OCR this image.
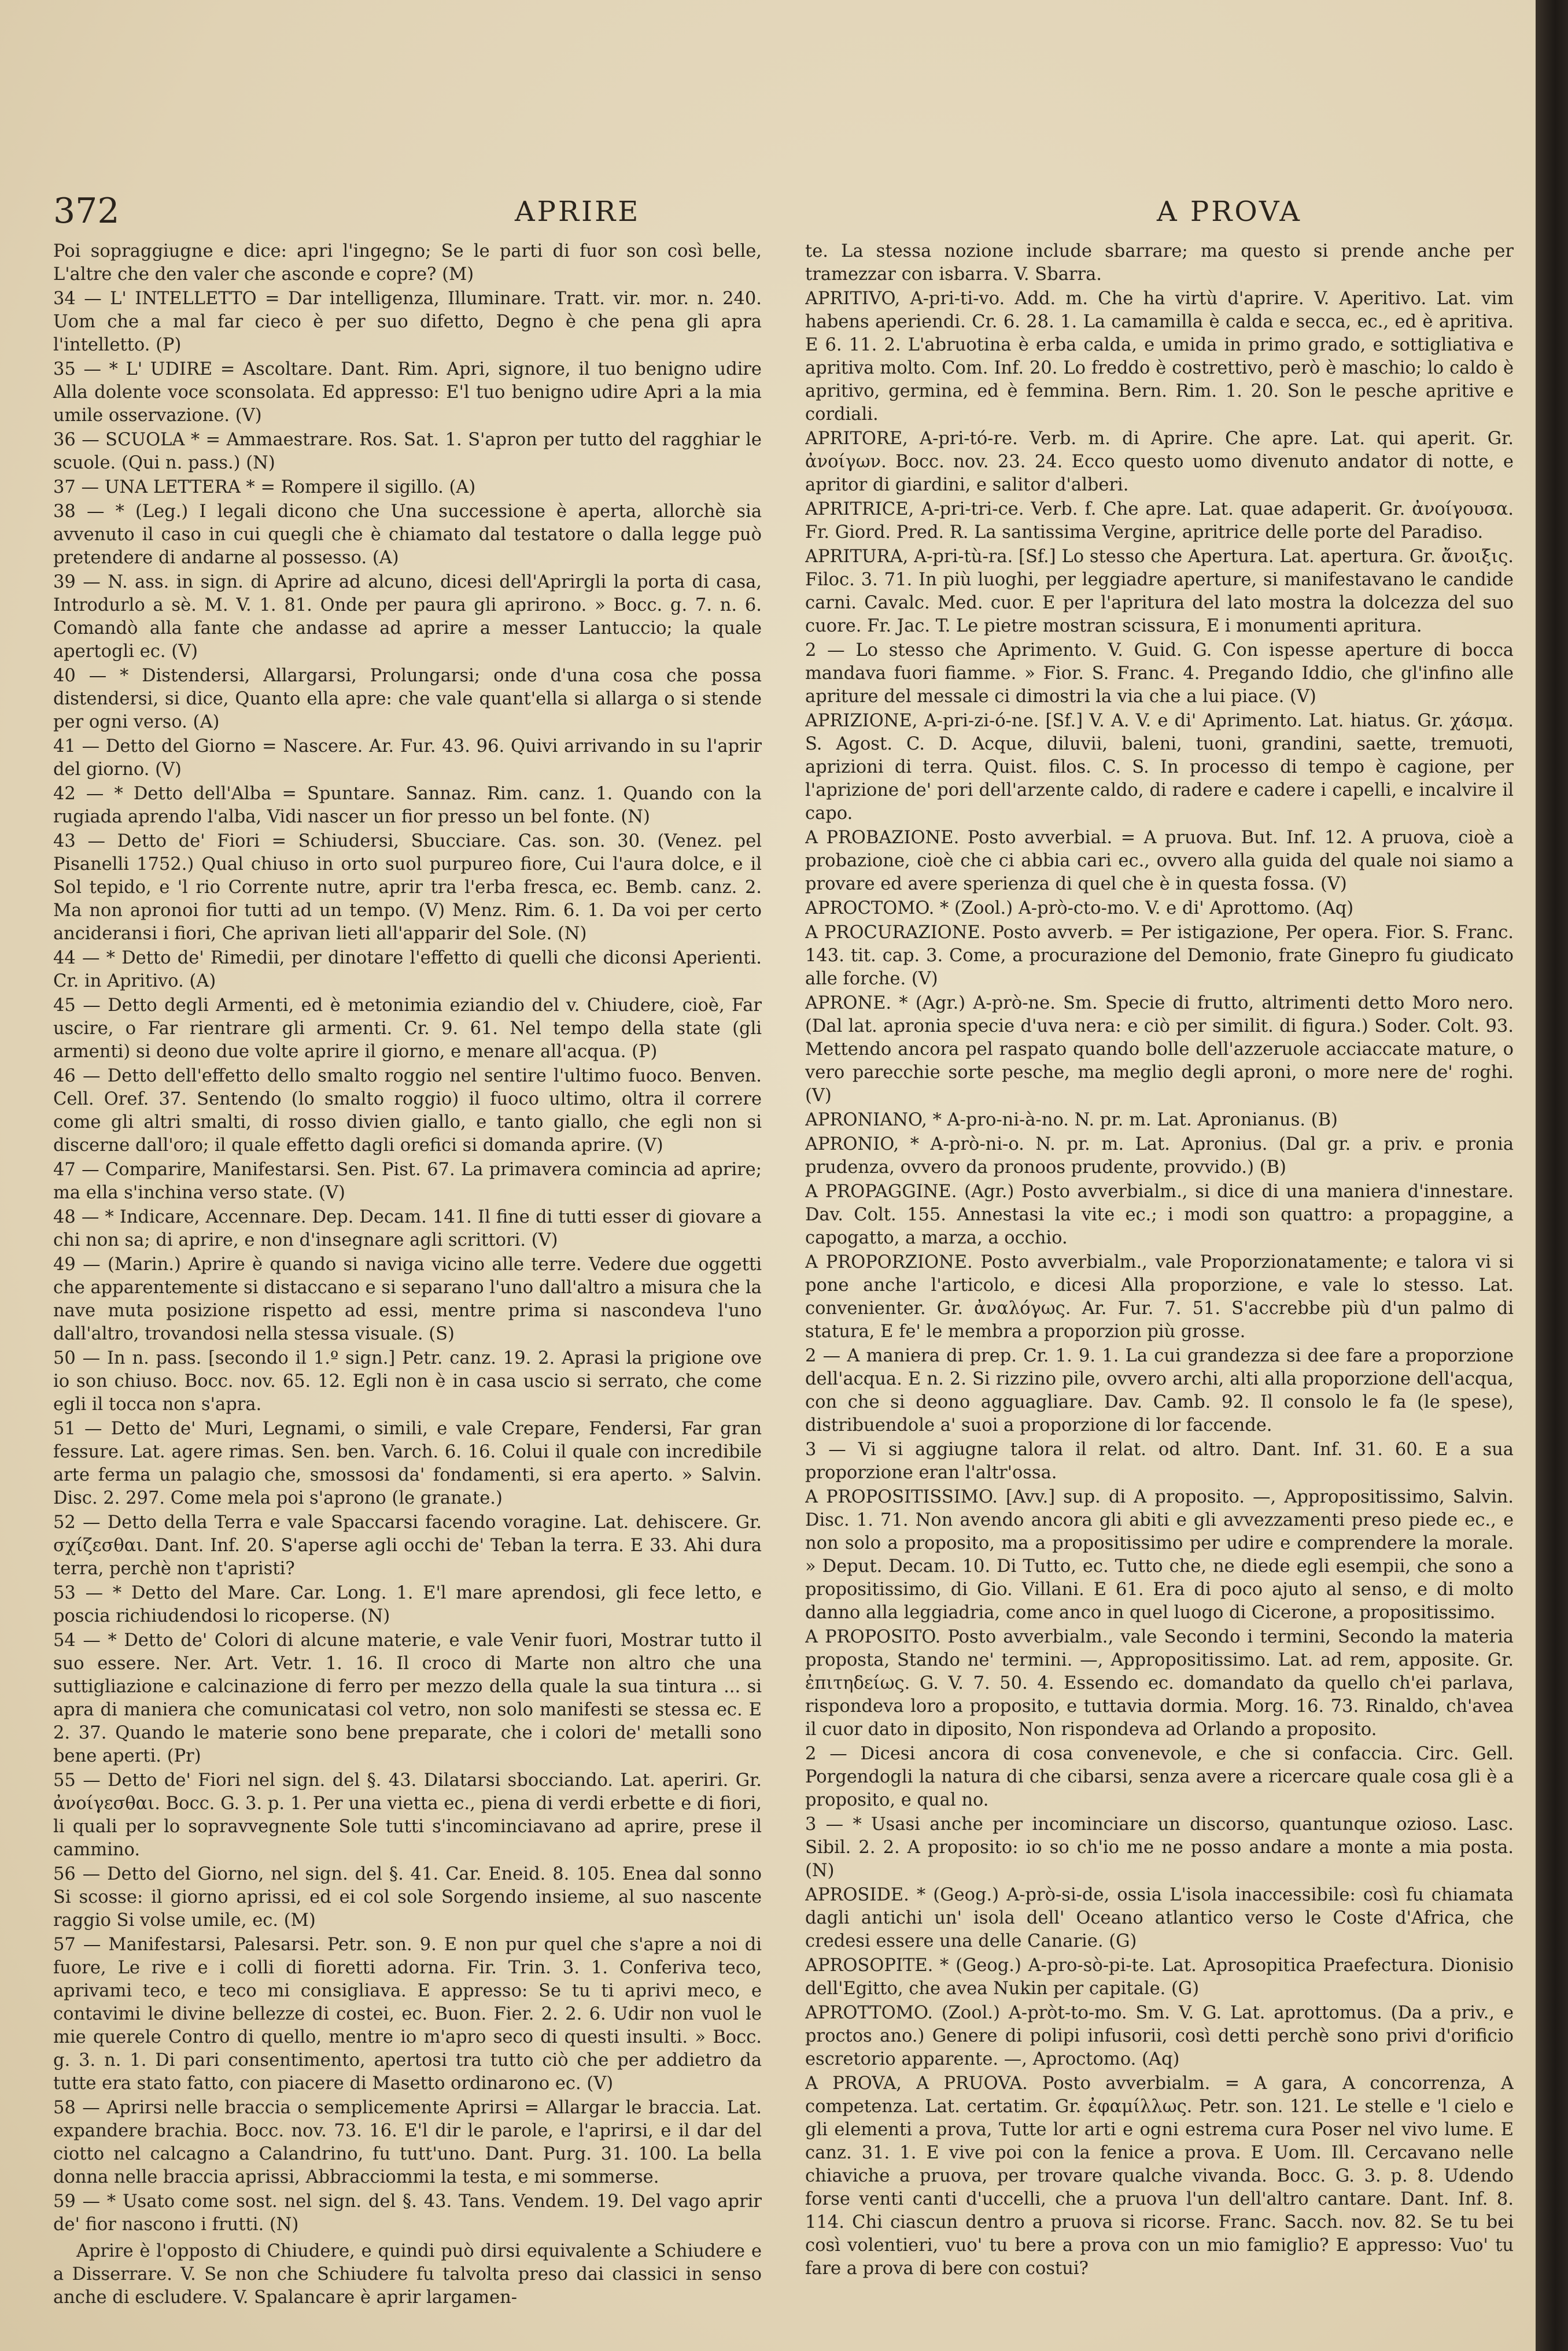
372	APRIRE	A PROVA

Poi sopraggiugne e dice: apri l'ingegno; Se le parti di fuor son così belle, L'altre che den valer che asconde e copre? (M)

34 — L' INTELLETTO = Dar intelligenza, Illuminare. Tratt. vir. mor. n. 240. Uom che a mal far cieco è per suo difetto, Degno è che pena gli apra l'intelletto. (P)

35 — * L' UDIRE = Ascoltare. Dant. Rim. Apri, signore, il tuo benigno udire Alla dolente voce sconsolata. Ed appresso: E'l tuo benigno udire Apri a la mia umile osservazione. (V)

36 — SCUOLA * = Ammaestrare. Ros. Sat. 1. S'apron per tutto del ragghiar le scuole. (Qui n. pass.) (N)

37 — UNA LETTERA * = Rompere il sigillo. (A)

38 — * (Leg.) I legali dicono che Una successione è aperta, allorchè sia avvenuto il caso in cui quegli che è chiamato dal testatore o dalla legge può pretendere di andarne al possesso. (A)

39 — N. ass. in sign. di Aprire ad alcuno, dicesi dell'Aprirgli la porta di casa, Introdurlo a sè. M. V. 1. 81. Onde per paura gli aprirono. » Bocc. g. 7. n. 6. Comandò alla fante che andasse ad aprire a messer Lantuccio; la quale apertogli ec. (V)

40 — * Distendersi, Allargarsi, Prolungarsi; onde d'una cosa che possa distendersi, si dice, Quanto ella apre: che vale quant'ella si allarga o si stende per ogni verso. (A)

41 — Detto del Giorno = Nascere. Ar. Fur. 43. 96. Quivi arrivando in su l'aprir del giorno. (V)

42 — * Detto dell'Alba = Spuntare. Sannaz. Rim. canz. 1. Quando con la rugiada aprendo l'alba, Vidi nascer un fior presso un bel fonte. (N)

43 — Detto de' Fiori = Schiudersi, Sbucciare. Cas. son. 30. (Venez. pel Pisanelli 1752.) Qual chiuso in orto suol purpureo fiore, Cui l'aura dolce, e il Sol tepido, e 'l rio Corrente nutre, aprir tra l'erba fresca, ec. Bemb. canz. 2. Ma non apronoi fior tutti ad un tempo. (V) Menz. Rim. 6. 1. Da voi per certo ancideransi i fiori, Che aprivan lieti all'apparir del Sole. (N)

44 — * Detto de' Rimedii, per dinotare l'effetto di quelli che diconsi Aperienti. Cr. in Apritivo. (A)

45 — Detto degli Armenti, ed è metonimia eziandio del v. Chiudere, cioè, Far uscire, o Far rientrare gli armenti. Cr. 9. 61. Nel tempo della state (gli armenti) si deono due volte aprire il giorno, e menare all'acqua. (P)

46 — Detto dell'effetto dello smalto roggio nel sentire l'ultimo fuoco. Benven. Cell. Oref. 37. Sentendo (lo smalto roggio) il fuoco ultimo, oltra il correre come gli altri smalti, di rosso divien giallo, e tanto giallo, che egli non si discerne dall'oro; il quale effetto dagli orefici si domanda aprire. (V)

47 — Comparire, Manifestarsi. Sen. Pist. 67. La primavera comincia ad aprire; ma ella s'inchina verso state. (V)

48 — * Indicare, Accennare. Dep. Decam. 141. Il fine di tutti esser di giovare a chi non sa; di aprire, e non d'insegnare agli scrittori. (V)

49 — (Marin.) Aprire è quando si naviga vicino alle terre. Vedere due oggetti che apparentemente si distaccano e si separano l'uno dall'altro a misura che la nave muta posizione rispetto ad essi, mentre prima si nascondeva l'uno dall'altro, trovandosi nella stessa visuale. (S)

50 — In n. pass. [secondo il 1.º sign.] Petr. canz. 19. 2. Aprasi la prigione ove io son chiuso. Bocc. nov. 65. 12. Egli non è in casa uscio si serrato, che come egli il tocca non s'apra.

51 — Detto de' Muri, Legnami, o simili, e vale Crepare, Fendersi, Far gran fessure. Lat. agere rimas. Sen. ben. Varch. 6. 16. Colui il quale con incredibile arte ferma un palagio che, smossosi da' fondamenti, si era aperto. » Salvin. Disc. 2. 297. Come mela poi s'aprono (le granate.)

52 — Detto della Terra e vale Spaccarsi facendo voragine. Lat. dehiscere. Gr. σχίζεσθαι. Dant. Inf. 20. S'aperse agli occhi de' Teban la terra. E 33. Ahi dura terra, perchè non t'apristi?

53 — * Detto del Mare. Car. Long. 1. E'l mare aprendosi, gli fece letto, e poscia richiudendosi lo ricoperse. (N)

54 — * Detto de' Colori di alcune materie, e vale Venir fuori, Mostrar tutto il suo essere. Ner. Art. Vetr. 1. 16. Il croco di Marte non altro che una suttigliazione e calcinazione di ferro per mezzo della quale la sua tintura ... si apra di maniera che comunicatasi col vetro, non solo manifesti se stessa ec. E 2. 37. Quando le materie sono bene preparate, che i colori de' metalli sono bene aperti. (Pr)

55 — Detto de' Fiori nel sign. del §. 43. Dilatarsi sbocciando. Lat. aperiri. Gr. ἀνοίγεσθαι. Bocc. G. 3. p. 1. Per una vietta ec., piena di verdi erbette e di fiori, li quali per lo sopravvegnente Sole tutti s'incominciavano ad aprire, prese il cammino.

56 — Detto del Giorno, nel sign. del §. 41. Car. Eneid. 8. 105. Enea dal sonno Si scosse: il giorno aprissi, ed ei col sole Sorgendo insieme, al suo nascente raggio Si volse umile, ec. (M)

57 — Manifestarsi, Palesarsi. Petr. son. 9. E non pur quel che s'apre a noi di fuore, Le rive e i colli di fioretti adorna. Fir. Trin. 3. 1. Conferiva teco, aprivami teco, e teco mi consigliava. E appresso: Se tu ti aprivi meco, e contavimi le divine bellezze di costei, ec. Buon. Fier. 2. 2. 6. Udir non vuol le mie querele Contro di quello, mentre io m'apro seco di questi insulti. » Bocc. g. 3. n. 1. Di pari consentimento, apertosi tra tutto ciò che per addietro da tutte era stato fatto, con piacere di Masetto ordinarono ec. (V)

58 — Aprirsi nelle braccia o semplicemente Aprirsi = Allargar le braccia. Lat. expandere brachia. Bocc. nov. 73. 16. E'l dir le parole, e l'aprirsi, e il dar del ciotto nel calcagno a Calandrino, fu tutt'uno. Dant. Purg. 31. 100. La bella donna nelle braccia aprissi, Abbracciommi la testa, e mi sommerse.

59 — * Usato come sost. nel sign. del §. 43. Tans. Vendem. 19. Del vago aprir de' fior nascono i frutti. (N)

Aprire è l'opposto di Chiudere, e quindi può dirsi equivalente a Schiudere e a Disserrare. V. Se non che Schiudere fu talvolta preso dai classici in senso anche di escludere. V. Spalancare è aprir largamen-

te. La stessa nozione include sbarrare; ma questo si prende anche per tramezzar con isbarra. V. Sbarra.

APRITIVO, A-pri-ti-vo. Add. m. Che ha virtù d'aprire. V. Aperitivo. Lat. vim habens aperiendi. Cr. 6. 28. 1. La camamilla è calda e secca, ec., ed è apritiva. E 6. 11. 2. L'abruotina è erba calda, e umida in primo grado, e sottigliativa e apritiva molto. Com. Inf. 20. Lo freddo è costrettivo, però è maschio; lo caldo è apritivo, germina, ed è femmina. Bern. Rim. 1. 20. Son le pesche apritive e cordiali.

APRITORE, A-pri-tó-re. Verb. m. di Aprire. Che apre. Lat. qui aperit. Gr. ἀνοίγων. Bocc. nov. 23. 24. Ecco questo uomo divenuto andator di notte, e apritor di giardini, e salitor d'alberi.

APRITRICE, A-pri-tri-ce. Verb. f. Che apre. Lat. quae adaperit. Gr. ἀνοίγουσα. Fr. Giord. Pred. R. La santissima Vergine, apritrice delle porte del Paradiso.

APRITURA, A-pri-tù-ra. [Sf.] Lo stesso che Apertura. Lat. apertura. Gr. ἄνοιξις. Filoc. 3. 71. In più luoghi, per leggiadre aperture, si manifestavano le candide carni. Cavalc. Med. cuor. E per l'apritura del lato mostra la dolcezza del suo cuore. Fr. Jac. T. Le pietre mostran scissura, E i monumenti apritura.

2 — Lo stesso che Aprimento. V. Guid. G. Con ispesse aperture di bocca mandava fuori fiamme. » Fior. S. Franc. 4. Pregando Iddio, che gl'infino alle apriture del messale ci dimostri la via che a lui piace. (V)

APRIZIONE, A-pri-zi-ó-ne. [Sf.] V. A. V. e di' Aprimento. Lat. hiatus. Gr. χάσμα. S. Agost. C. D. Acque, diluvii, baleni, tuoni, grandini, saette, tremuoti, aprizioni di terra. Quist. filos. C. S. In processo di tempo è cagione, per l'aprizione de' pori dell'arzente caldo, di radere e cadere i capelli, e incalvire il capo.

A PROBAZIONE. Posto avverbial. = A pruova. But. Inf. 12. A pruova, cioè a probazione, cioè che ci abbia cari ec., ovvero alla guida del quale noi siamo a provare ed avere sperienza di quel che è in questa fossa. (V)

APROCTOMO. * (Zool.) A-prò-cto-mo. V. e di' Aprottomo. (Aq)

A PROCURAZIONE. Posto avverb. = Per istigazione, Per opera. Fior. S. Franc. 143. tit. cap. 3. Come, a procurazione del Demonio, frate Ginepro fu giudicato alle forche. (V)

APRONE. * (Agr.) A-prò-ne. Sm. Specie di frutto, altrimenti detto Moro nero. (Dal lat. apronia specie d'uva nera: e ciò per similit. di figura.) Soder. Colt. 93. Mettendo ancora pel raspato quando bolle dell'azzeruole acciaccate mature, o vero parecchie sorte pesche, ma meglio degli aproni, o more nere de' roghi. (V)

APRONIANO, * A-pro-ni-à-no. N. pr. m. Lat. Apronianus. (B)

APRONIO, * A-prò-ni-o. N. pr. m. Lat. Apronius. (Dal gr. a priv. e pronia prudenza, ovvero da pronoos prudente, provvido.) (B)

A PROPAGGINE. (Agr.) Posto avverbialm., si dice di una maniera d'innestare. Dav. Colt. 155. Annestasi la vite ec.; i modi son quattro: a propaggine, a capogatto, a marza, a occhio.

A PROPORZIONE. Posto avverbialm., vale Proporzionatamente; e talora vi si pone anche l'articolo, e dicesi Alla proporzione, e vale lo stesso. Lat. convenienter. Gr. ἀναλόγως. Ar. Fur. 7. 51. S'accrebbe più d'un palmo di statura, E fe' le membra a proporzion più grosse.

2 — A maniera di prep. Cr. 1. 9. 1. La cui grandezza si dee fare a proporzione dell'acqua. E n. 2. Si rizzino pile, ovvero archi, alti alla proporzione dell'acqua, con che si deono agguagliare. Dav. Camb. 92. Il consolo le fa (le spese), distribuendole a' suoi a proporzione di lor faccende.

3 — Vi si aggiugne talora il relat. od altro. Dant. Inf. 31. 60. E a sua proporzione eran l'altr'ossa.

A PROPOSITISSIMO. [Avv.] sup. di A proposito. —, Appropositissimo, Salvin. Disc. 1. 71. Non avendo ancora gli abiti e gli avvezzamenti preso piede ec., e non solo a proposito, ma a propositissimo per udire e comprendere la morale. » Deput. Decam. 10. Di Tutto, ec. Tutto che, ne diede egli esempii, che sono a propositissimo, di Gio. Villani. E 61. Era di poco ajuto al senso, e di molto danno alla leggiadria, come anco in quel luogo di Cicerone, a propositissimo.

A PROPOSITO. Posto avverbialm., vale Secondo i termini, Secondo la materia proposta, Stando ne' termini. —, Appropositissimo. Lat. ad rem, apposite. Gr. ἐπιτηδείως. G. V. 7. 50. 4. Essendo ec. domandato da quello ch'ei parlava, rispondeva loro a proposito, e tuttavia dormia. Morg. 16. 73. Rinaldo, ch'avea il cuor dato in diposito, Non rispondeva ad Orlando a proposito.

2 — Dicesi ancora di cosa convenevole, e che si confaccia. Circ. Gell. Porgendogli la natura di che cibarsi, senza avere a ricercare quale cosa gli è a proposito, e qual no.

3 — * Usasi anche per incominciare un discorso, quantunque ozioso. Lasc. Sibil. 2. 2. A proposito: io so ch'io me ne posso andare a monte a mia posta. (N)

APROSIDE. * (Geog.) A-prò-si-de, ossia L'isola inaccessibile: così fu chiamata dagli antichi un' isola dell' Oceano atlantico verso le Coste d'Africa, che credesi essere una delle Canarie. (G)

APROSOPITE. * (Geog.) A-pro-sò-pi-te. Lat. Aprosopitica Praefectura. Dionisio dell'Egitto, che avea Nukin per capitale. (G)

APROTTOMO. (Zool.) A-pròt-to-mo. Sm. V. G. Lat. aprottomus. (Da a priv., e proctos ano.) Genere di polipi infusorii, così detti perchè sono privi d'orificio escretorio apparente. —, Aproctomo. (Aq)

A PROVA, A PRUOVA. Posto avverbialm. = A gara, A concorrenza, A competenza. Lat. certatim. Gr. ἐφαμίλλως. Petr. son. 121. Le stelle e 'l cielo e gli elementi a prova, Tutte lor arti e ogni estrema cura Poser nel vivo lume. E canz. 31. 1. E vive poi con la fenice a prova. E Uom. Ill. Cercavano nelle chiaviche a pruova, per trovare qualche vivanda. Bocc. G. 3. p. 8. Udendo forse venti canti d'uccelli, che a pruova l'un dell'altro cantare. Dant. Inf. 8. 114. Chi ciascun dentro a pruova si ricorse. Franc. Sacch. nov. 82. Se tu bei così volentieri, vuo' tu bere a prova con un mio famiglio? E appresso: Vuo' tu fare a prova di bere con costui?
